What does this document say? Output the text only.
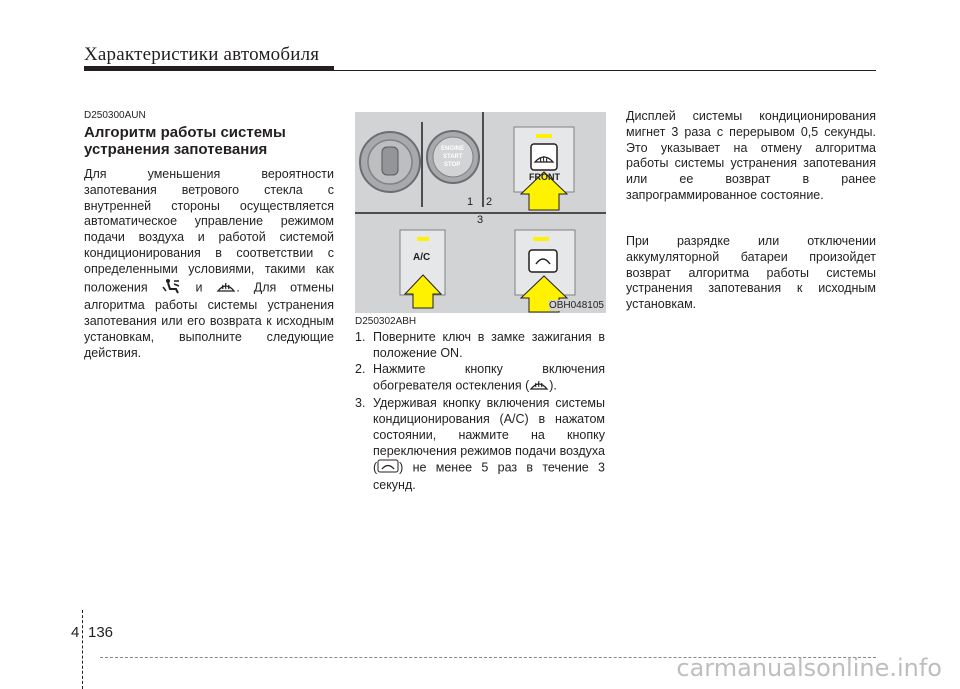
Характеристики автомобиля
D250300AUN
Алгоритм работы системы устранения запотевания
Для уменьшения вероятности запотевания ветрового стекла с внутренней стороны осуществляется автоматическое управление режимом подачи воздуха и работой системой кондиционирования в соответствии с определенными условиями, такими как положения	и	. Для отмены алгоритма работы системы устранения запотевания или его возврата к исходным установкам, выполните следующие действия.
ENGINE
START
STOP
FRONT
A/C
1 2
3
OBH048105
D250302ABH
1. Поверните ключ в замке зажигания в положение ON.
2. Нажмите кнопку включения обогревателя остекления ( ).
3. Удерживая кнопку включения системы кондиционирования (A/C) в нажатом состоянии, нажмите на кнопку переключения режимов подачи воздуха ( ) не менее 5 раз в течение 3 секунд.
Дисплей системы кондиционирования мигнет 3 раза с перерывом 0,5 секунды. Это указывает на отмену алгоритма работы системы устранения запотевания или ее возврат в ранее запрограммированное состояние.
При разрядке или отключении аккумуляторной батареи произойдет возврат алгоритма работы системы устранения запотевания к исходным установкам.
4 136
carmanualsonline.info
